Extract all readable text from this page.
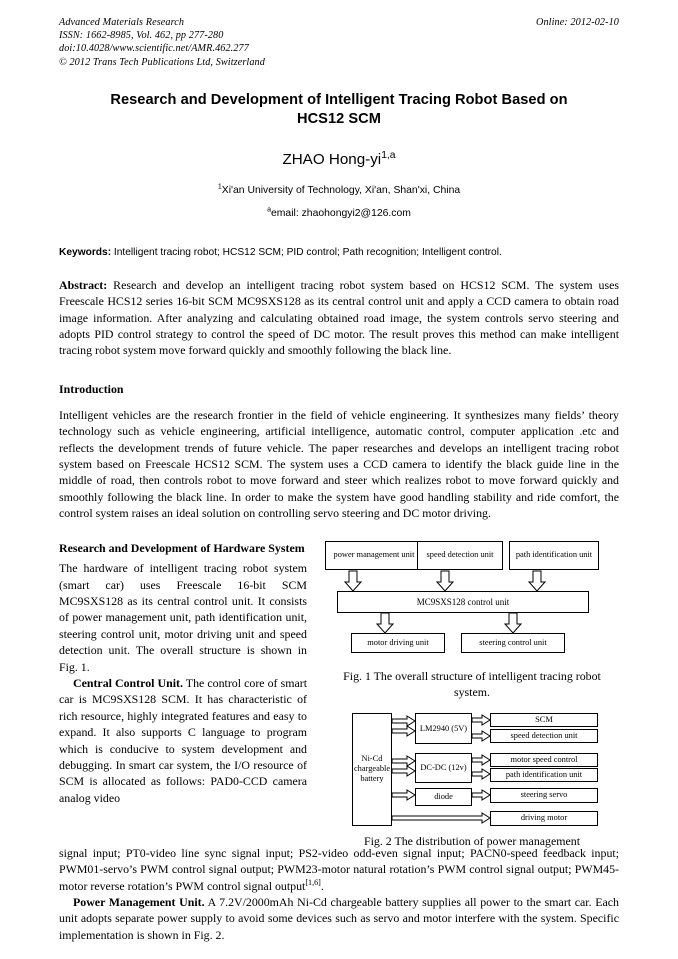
Advanced Materials Research
ISSN: 1662-8985, Vol. 462, pp 277-280
doi:10.4028/www.scientific.net/AMR.462.277
© 2012 Trans Tech Publications Ltd, Switzerland
Online: 2012-02-10
Research and Development of Intelligent Tracing Robot Based on
HCS12 SCM
ZHAO Hong-yi$^{1,a}$
$^1$Xi'an University of Technology, Xi'an, Shan'xi, China
$^a$email: zhaohongyi2@126.com
Keywords: Intelligent tracing robot; HCS12 SCM; PID control; Path recognition; Intelligent control.
Abstract: Research and develop an intelligent tracing robot system based on HCS12 SCM. The system uses Freescale HCS12 series 16-bit SCM MC9SXS128 as its central control unit and apply a CCD camera to obtain road image information. After analyzing and calculating obtained road image, the system controls servo steering and adopts PID control strategy to control the speed of DC motor. The result proves this method can make intelligent tracing robot system move forward quickly and smoothly following the black line.
Introduction
Intelligent vehicles are the research frontier in the field of vehicle engineering. It synthesizes many fields’ theory technology such as vehicle engineering, artificial intelligence, automatic control, computer application .etc and reflects the development trends of future vehicle. The paper researches and develops an intelligent tracing robot system based on Freescale HCS12 SCM. The system uses a CCD camera to identify the black guide line in the middle of road, then controls robot to move forward and steer which realizes robot to move forward quickly and smoothly following the black line. In order to make the system have good handling stability and ride comfort, the control system raises an ideal solution on controlling servo steering and DC motor driving.
Research and Development of Hardware System
The hardware of intelligent tracing robot system (smart car) uses Freescale 16-bit SCM MC9SXS128 as its central control unit. It consists of power management unit, path identification unit, steering control unit, motor driving unit and speed detection unit. The overall structure is shown in Fig. 1.
Central Control Unit. The control core of smart car is MC9SXS128 SCM. It has characteristic of rich resource, highly integrated features and easy to expand. It also supports C language to program which is conducive to system development and debugging. In smart car system, the I/O resource of SCM is allocated as follows: PAD0-CCD camera analog video
power management unit	speed detection unit	path identification unit
MC9SXS128 control unit
motor driving unit	steering control unit
Fig. 1 The overall structure of intelligent tracing robot
system.
Ni-Cd chargeable battery
LM2940 (5V)
DC-DC (12v)
diode
SCM
speed detection unit
motor speed control
path identification unit
steering servo
driving motor
Fig. 2 The distribution of power management
signal input; PT0-video line sync signal input; PS2-video odd-even signal input; PACN0-speed feedback input; PWM01-servo’s PWM control signal output; PWM23-motor natural rotation’s PWM control signal output; PWM45- motor reverse rotation’s PWM control signal output[1,6].
Power Management Unit. A 7.2V/2000mAh Ni-Cd chargeable battery supplies all power to the smart car. Each unit adopts separate power supply to avoid some devices such as servo and motor interfere with the system. Specific implementation is shown in Fig. 2.
